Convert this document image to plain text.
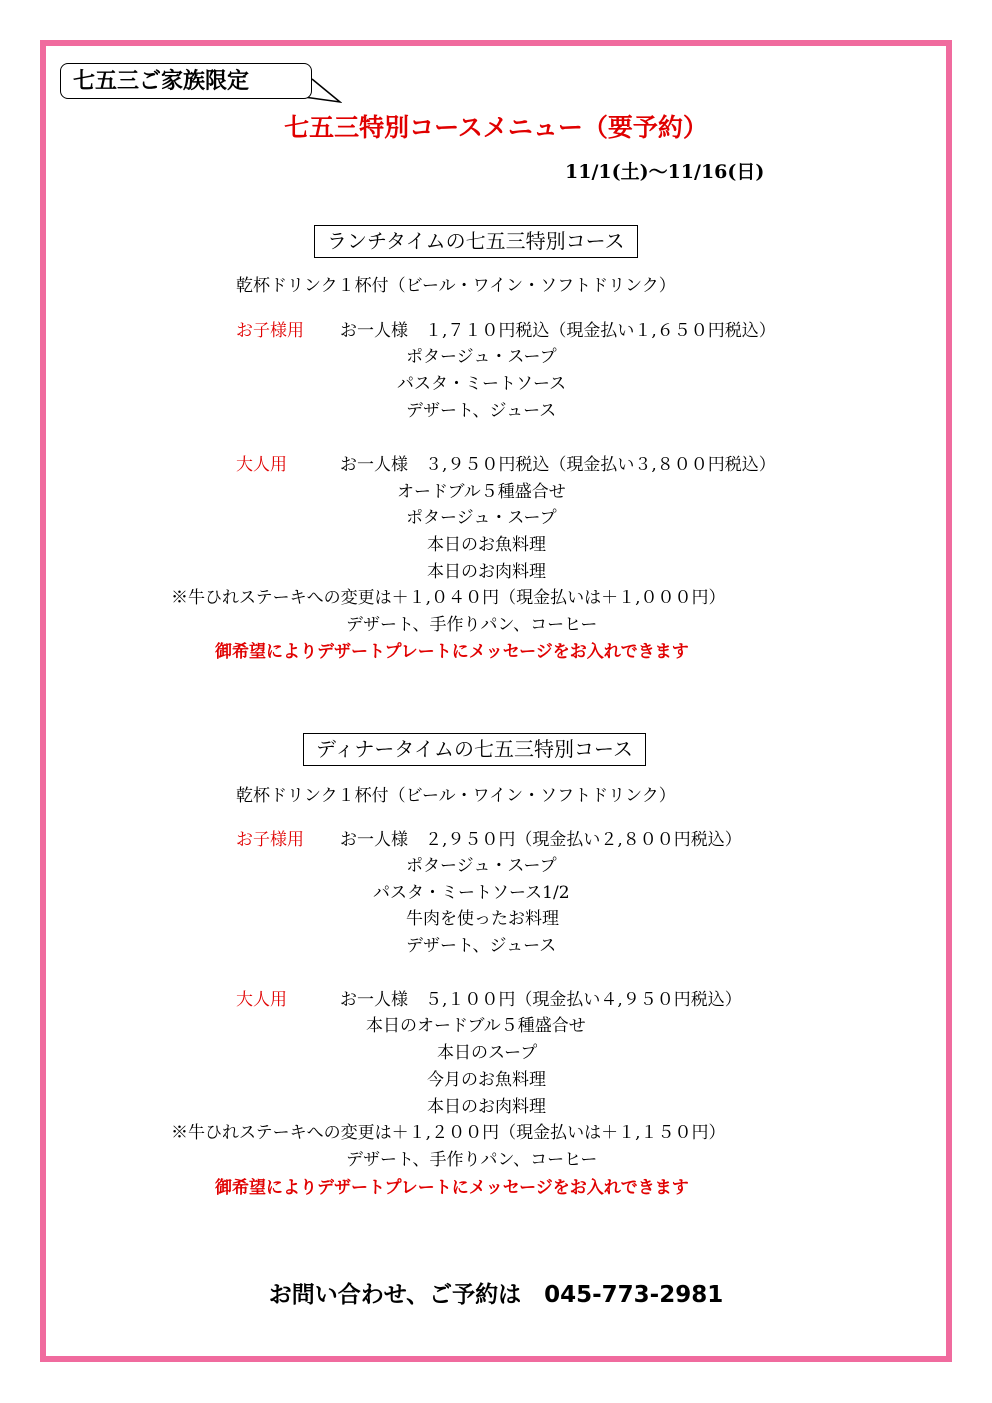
七五三ご家族限定
七五三特別コースメニュー（要予約）
11/1(土)～11/16(日)
ランチタイムの七五三特別コース
乾杯ドリンク１杯付（ビール・ワイン・ソフトドリンク）
お子様用 お一人様　１,７１０円税込（現金払い１,６５０円税込）
ポタージュ・スープ
パスタ・ミートソース
デザート、ジュース
大人用	お一人様　３,９５０円税込（現金払い３,８００円税込）
オードブル５種盛合せ
ポタージュ・スープ
本日のお魚料理
本日のお肉料理
※牛ひれステーキへの変更は＋１,０４０円（現金払いは＋１,０００円）
デザート、手作りパン、コーヒー
御希望によりデザートプレートにメッセージをお入れできます
ディナータイムの七五三特別コース
乾杯ドリンク１杯付（ビール・ワイン・ソフトドリンク）
お子様用 お一人様　２,９５０円（現金払い２,８００円税込）
ポタージュ・スープ
パスタ・ミートソース1/2
牛肉を使ったお料理
デザート、ジュース
大人用	お一人様　５,１００円（現金払い４,９５０円税込）
本日のオードブル５種盛合せ
本日のスープ
今月のお魚料理
本日のお肉料理
※牛ひれステーキへの変更は＋１,２００円（現金払いは＋１,１５０円）
デザート、手作りパン、コーヒー
御希望によりデザートプレートにメッセージをお入れできます
お問い合わせ、ご予約は　045-773-2981
